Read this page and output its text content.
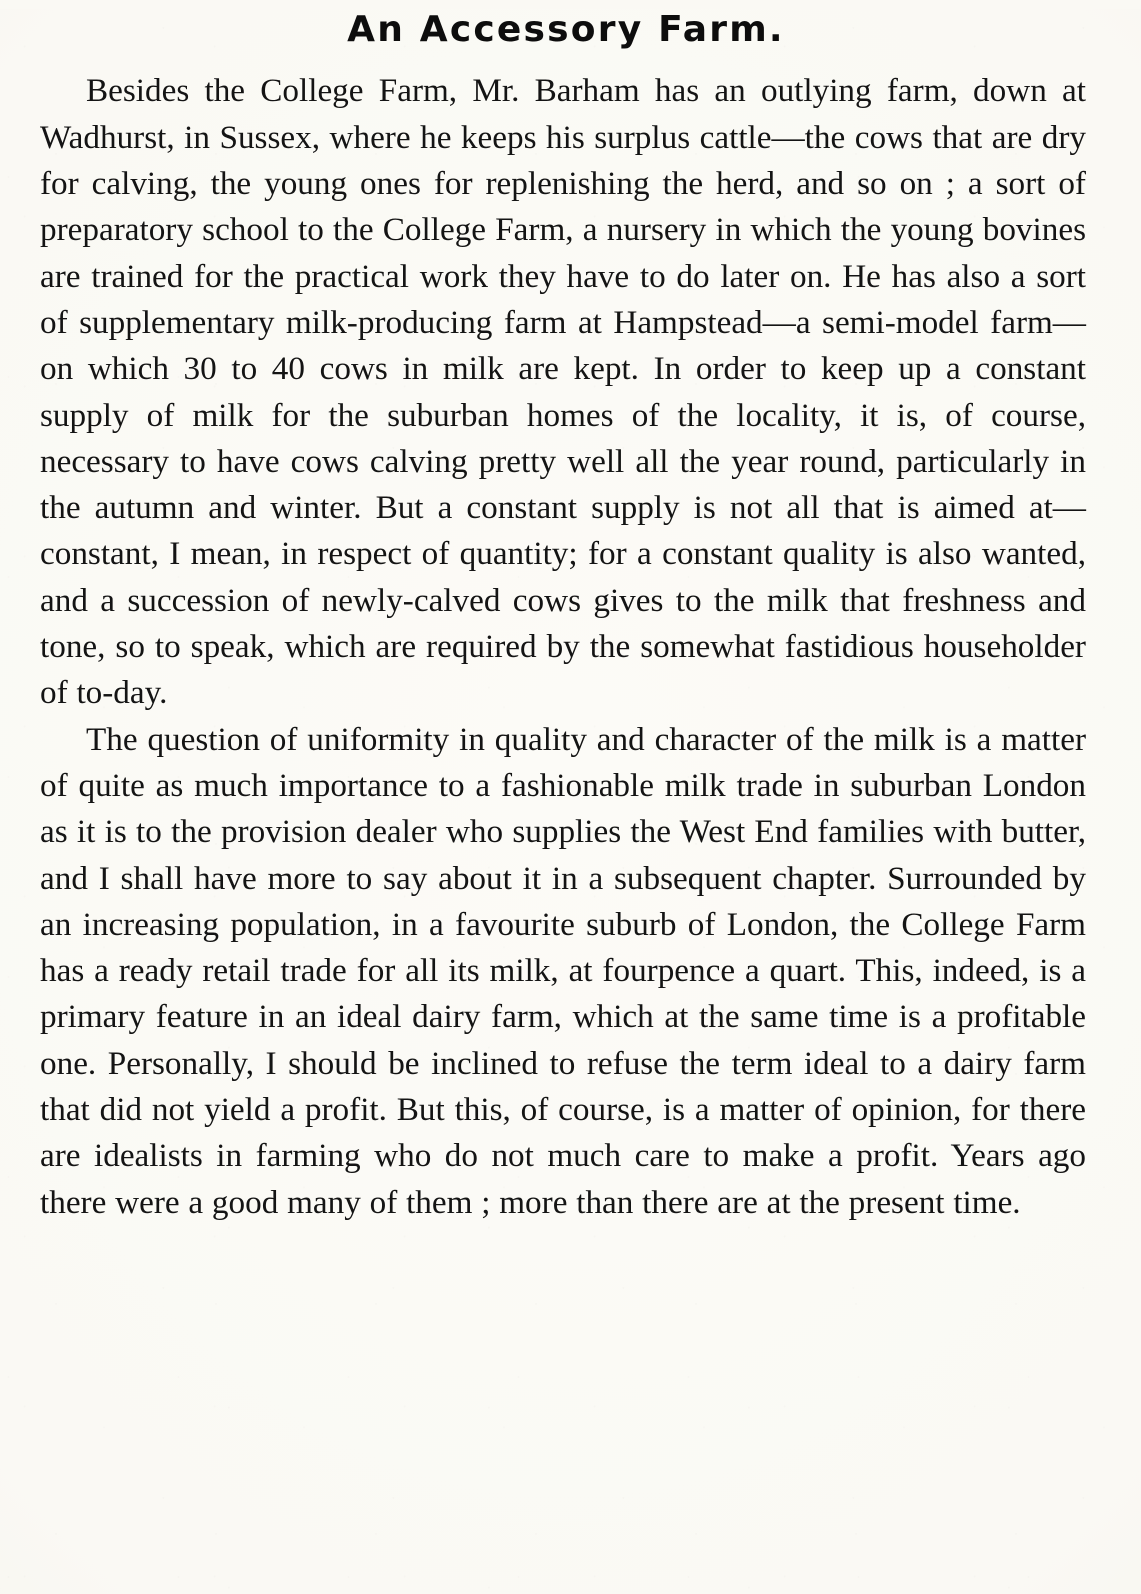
An Accessory Farm.

Besides the College Farm, Mr. Barham has an outlying farm, down at Wadhurst, in Sussex, where he keeps his surplus cattle—the cows that are dry for calving, the young ones for replenishing the herd, and so on ; a sort of preparatory school to the College Farm, a nursery in which the young bovines are trained for the practical work they have to do later on. He has also a sort of supplementary milk-producing farm at Hampstead—a semi-model farm—on which 30 to 40 cows in milk are kept. In order to keep up a constant supply of milk for the suburban homes of the locality, it is, of course, necessary to have cows calving pretty well all the year round, particularly in the autumn and winter. But a constant supply is not all that is aimed at—constant, I mean, in respect of quantity; for a constant quality is also wanted, and a succession of newly-calved cows gives to the milk that freshness and tone, so to speak, which are required by the somewhat fastidious householder of to-day.

The question of uniformity in quality and character of the milk is a matter of quite as much importance to a fashionable milk trade in suburban London as it is to the provision dealer who supplies the West End families with butter, and I shall have more to say about it in a subsequent chapter. Surrounded by an increasing population, in a favourite suburb of London, the College Farm has a ready retail trade for all its milk, at fourpence a quart. This, indeed, is a primary feature in an ideal dairy farm, which at the same time is a profitable one. Personally, I should be inclined to refuse the term ideal to a dairy farm that did not yield a profit. But this, of course, is a matter of opinion, for there are idealists in farming who do not much care to make a profit. Years ago there were a good many of them ; more than there are at the present time.
